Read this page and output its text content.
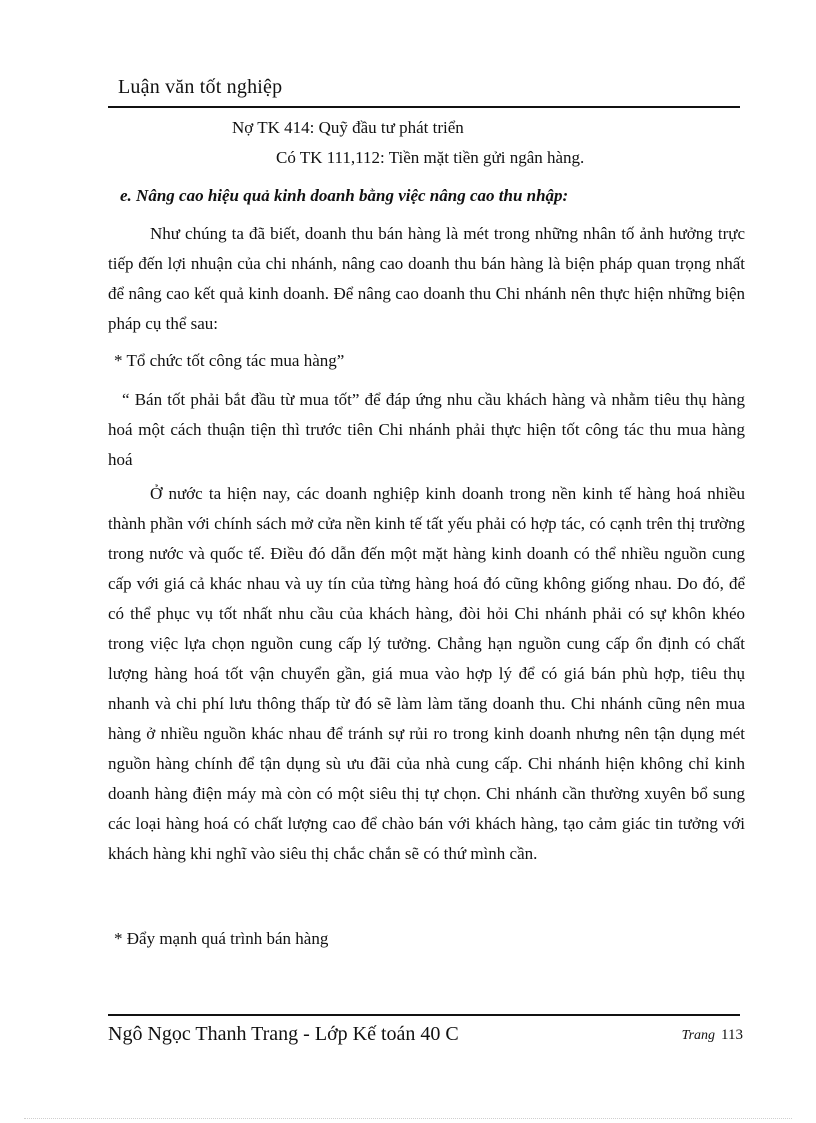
Luận văn tốt nghiệp
Nợ TK 414: Quỹ đầu tư phát triển
Có TK 111,112: Tiền mặt tiền gửi ngân hàng.
e. Nâng cao hiệu quả kinh doanh bằng việc nâng cao thu nhập:
Như chúng ta đã biết, doanh thu bán hàng là mét trong những nhân tố ảnh hưởng trực tiếp đến lợi nhuận của chi nhánh, nâng cao doanh thu bán hàng là biện pháp quan trọng nhất để nâng cao kết quả kinh doanh. Để nâng cao doanh thu Chi nhánh nên thực hiện những biện pháp cụ thể sau:
* Tổ chức tốt công tác mua hàng”
“ Bán tốt phải bắt đầu từ mua tốt” để đáp ứng nhu cầu khách hàng và nhằm tiêu thụ hàng hoá một cách thuận tiện thì trước tiên Chi nhánh phải thực hiện tốt công tác thu mua hàng hoá
Ở nước ta hiện nay, các doanh nghiệp kinh doanh trong nền kinh tế hàng hoá nhiều thành phần với chính sách mở cửa nền kinh tế tất yếu phải có hợp tác, có cạnh trên thị trường trong nước và quốc tế. Điều đó dẫn đến một mặt hàng kinh doanh có thể nhiều nguồn cung cấp với giá cả khác nhau và uy tín của từng hàng hoá đó cũng không giống nhau. Do đó, để có thể phục vụ tốt nhất nhu cầu của khách hàng, đòi hỏi Chi nhánh phải có sự khôn khéo trong việc lựa chọn nguồn cung cấp lý tưởng. Chẳng hạn nguồn cung cấp ổn định có chất lượng hàng hoá tốt vận chuyển gần, giá mua vào hợp lý để có giá bán phù hợp, tiêu thụ nhanh và chi phí lưu thông thấp từ đó sẽ làm làm tăng doanh thu. Chi nhánh cũng nên mua hàng ở nhiều nguồn khác nhau để tránh sự rủi ro trong kinh doanh nhưng nên tận dụng mét nguồn hàng chính để tận dụng sù ưu đãi của nhà cung cấp. Chi nhánh hiện không chỉ kinh doanh hàng điện máy mà còn có một siêu thị tự chọn. Chi nhánh cần thường xuyên bổ sung các loại hàng hoá có chất lượng cao để chào bán với khách hàng, tạo cảm giác tin tưởng với khách hàng khi nghĩ vào siêu thị chắc chắn sẽ có thứ mình cần.
* Đẩy mạnh quá trình bán hàng
Ngô Ngọc Thanh Trang - Lớp Kế toán 40 C	Trang 113
